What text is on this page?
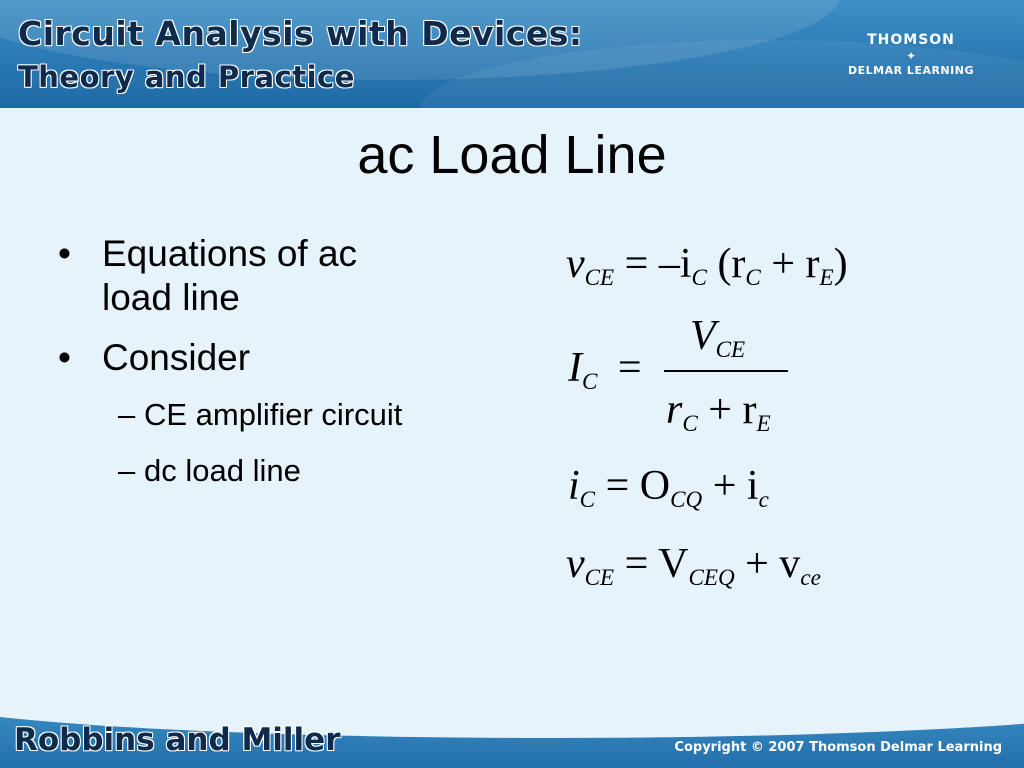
Circuit Analysis with Devices:
Theory and Practice
THOMSON
✦
DELMAR LEARNING
ac Load Line
• Equations of ac
load line
• Consider
– CE amplifier circuit
– dc load line
$v_{CE} = -i_C$ $(r_C + r_E)$
$I_C$ =
$V_{CE}$
$r_C + r_E$
$i_C = O_{CQ} + i_c$
$v_{CE} = V_{CEQ} + v_{ce}$
Robbins and Miller	Copyright © 2007 Thomson Delmar Learning
